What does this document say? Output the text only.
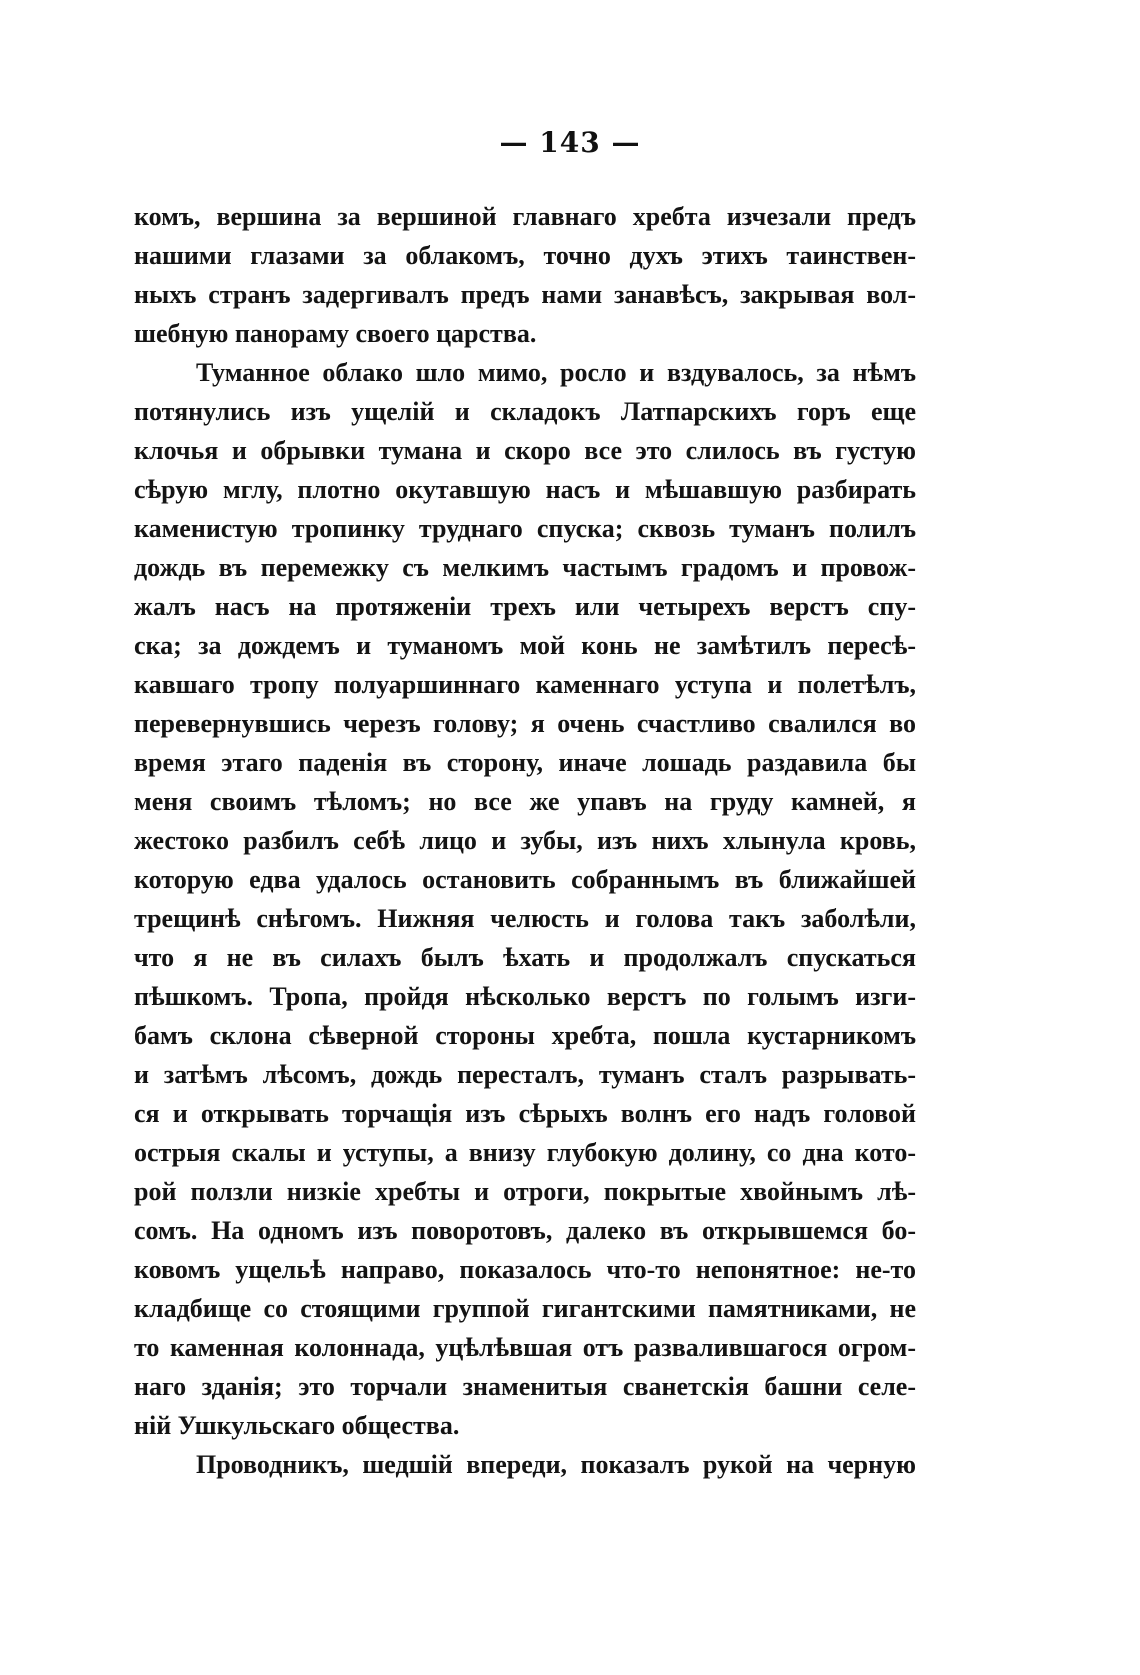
— 143 —
комъ, вершина за вершиной главнаго хребта изчезали предъ
нашими глазами за облакомъ, точно духъ этихъ таинствен-
ныхъ странъ задергивалъ предъ нами занавѣсъ, закрывая вол-
шебную панораму своего царства.
Туманное облако шло мимо, росло и вздувалось, за нѣмъ
потянулись изъ ущелій и складокъ Латпарскихъ горъ еще
клочья и обрывки тумана и скоро все это слилось въ густую
сѣрую мглу, плотно окутавшую насъ и мѣшавшую разбирать
каменистую тропинку труднаго спуска; сквозь туманъ полилъ
дождь въ перемежку съ мелкимъ частымъ градомъ и провож-
жалъ насъ на протяженіи трехъ или четырехъ верстъ спу-
ска; за дождемъ и туманомъ мой конь не замѣтилъ пересѣ-
кавшаго тропу полуаршиннаго каменнаго уступа и полетѣлъ,
перевернувшись черезъ голову; я очень счастливо свалился во
время этаго паденія въ сторону, иначе лошадь раздавила бы
меня своимъ тѣломъ; но все же упавъ на груду камней, я
жестоко разбилъ себѣ лицо и зубы, изъ нихъ хлынула кровь,
которую едва удалось остановить собраннымъ въ ближайшей
трещинѣ снѣгомъ. Нижняя челюсть и голова такъ заболѣли,
что я не въ силахъ былъ ѣхать и продолжалъ спускаться
пѣшкомъ. Тропа, пройдя нѣсколько верстъ по голымъ изги-
бамъ склона сѣверной стороны хребта, пошла кустарникомъ
и затѣмъ лѣсомъ, дождь пересталъ, туманъ сталъ разрывать-
ся и открывать торчащія изъ сѣрыхъ волнъ его надъ головой
острыя скалы и уступы, а внизу глубокую долину, со дна кото-
рой ползли низкіе хребты и отроги, покрытые хвойнымъ лѣ-
сомъ. На одномъ изъ поворотовъ, далеко въ открывшемся бо-
ковомъ ущельѣ направо, показалось что-то непонятное: не-то
кладбище со стоящими группой гигантскими памятниками, не
то каменная колоннада, уцѣлѣвшая отъ развалившагося огром-
наго зданія; это торчали знаменитыя сванетскія башни селе-
ній Ушкульскаго общества.
Проводникъ, шедшій впереди, показалъ рукой на черную
